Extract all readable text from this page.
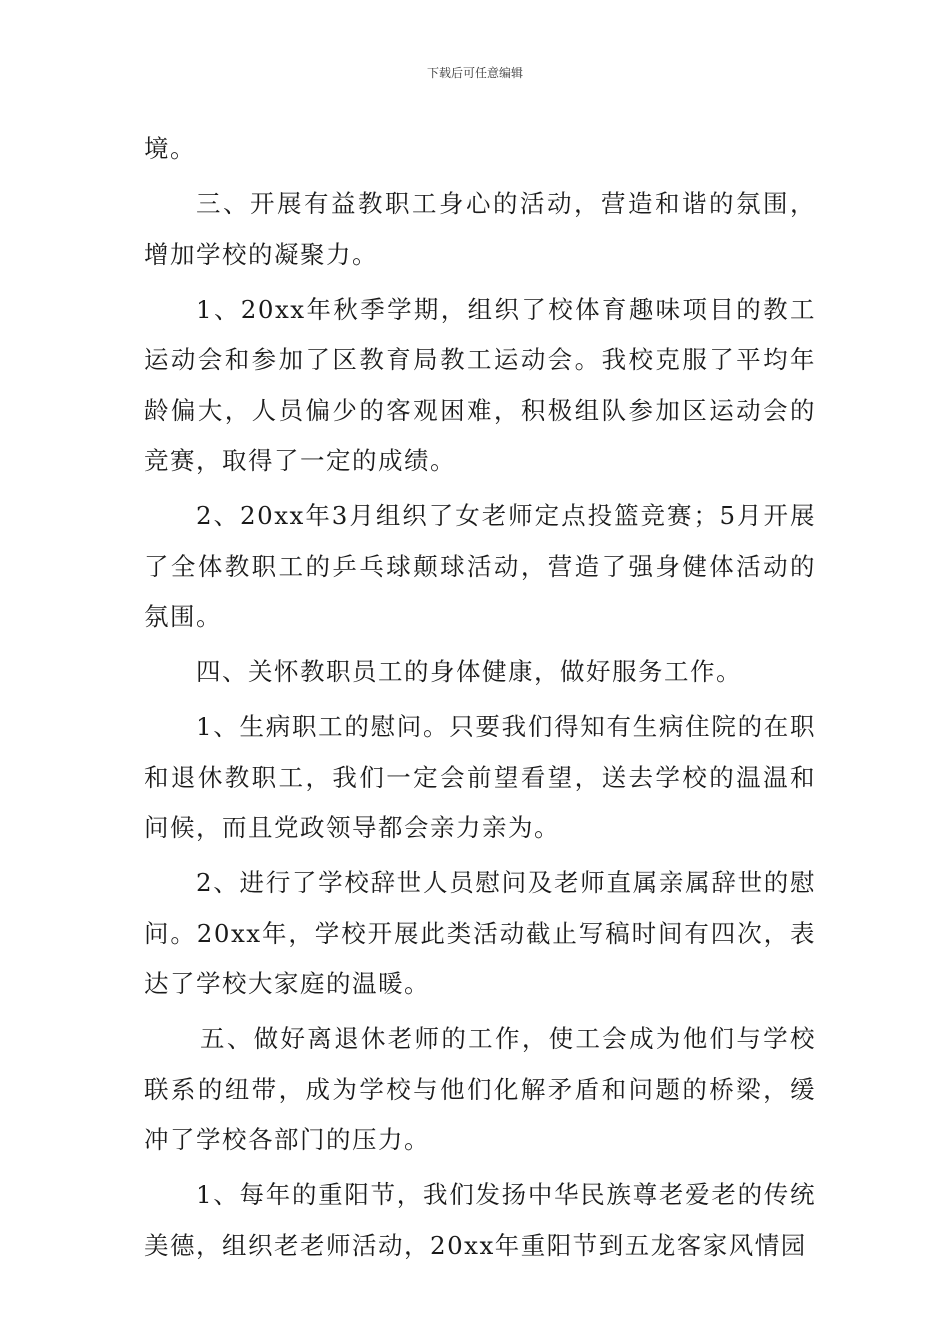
下载后可任意编辑

境。

三、开展有益教职工身心的活动，营造和谐的氛围，增加学校的凝聚力。

1、20xx年秋季学期，组织了校体育趣味项目的教工运动会和参加了区教育局教工运动会。我校克服了平均年龄偏大，人员偏少的客观困难，积极组队参加区运动会的竞赛，取得了一定的成绩。

2、20xx年3月组织了女老师定点投篮竞赛；5月开展了全体教职工的乒乓球颠球活动，营造了强身健体活动的氛围。

四、关怀教职员工的身体健康，做好服务工作。

1、生病职工的慰问。只要我们得知有生病住院的在职和退休教职工，我们一定会前望看望，送去学校的温温和问候，而且党政领导都会亲力亲为。

2、进行了学校辞世人员慰问及老师直属亲属辞世的慰问。20xx年，学校开展此类活动截止写稿时间有四次，表达了学校大家庭的温暖。

五、做好离退休老师的工作，使工会成为他们与学校联系的纽带，成为学校与他们化解矛盾和问题的桥梁，缓冲了学校各部门的压力。

1、每年的重阳节，我们发扬中华民族尊老爱老的传统美德，组织老老师活动，20xx年重阳节到五龙客家风情园
